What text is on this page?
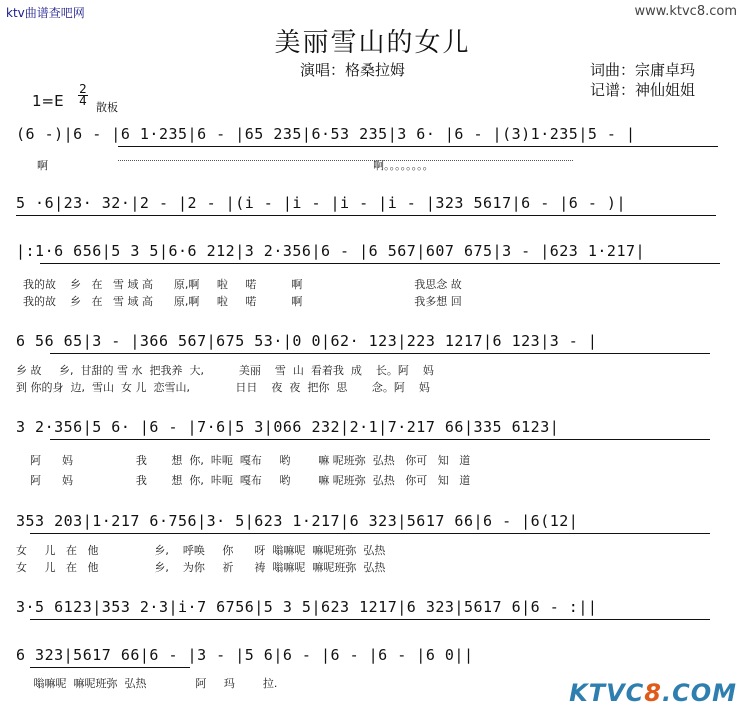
ktv曲谱查吧网	www.ktvc8.com
美丽雪山的女儿
演唱：格桑拉姆	词曲：宗庸卓玛
记谱：神仙姐姐
1=E
2
4 散板
(6 -)|6 - |6 1·235|6 - |65 235|6·53 235|3 6· |6 - |(3)1·235|5 - |
啊                                                                                             啊。。。。。。。。
5 ·6|23· 32·|2 - |2 - |(i - |i - |i - |i - |323 5617|6 - |6 - )|
|:1·6 656|5 3 5|6·6 212|3 2·356|6 - |6 567|607 675|3 - |623 1·217|
我的故    乡   在   雪 域 高      原,啊     啦     喏          啊                                我思念 故
我的故    乡   在   雪 域 高      原,啊     啦     喏          啊                                我多想 回
6 56 65|3 - |366 567|675 53·|0 0|62· 123|223 1217|6 123|3 - |
乡 故     乡,  甘甜的 雪 水  把我养  大,          美丽    雪  山  看着我  成    长。阿    妈
到 你的身  边,  雪山  女 儿  恋雪山,             日日    夜  夜  把你  思       念。阿    妈
3 2·356|5 6· |6 - |7·6|5 3|066 232|2·1|7·217 66|335 6123|
阿      妈                  我       想  你,  咔呃  嘎布     哟        嘛 呢班弥  弘热   你可   知   道
阿      妈                  我       想  你,  咔呃  嘎布     哟        嘛 呢班弥  弘热   你可   知   道
353 203|1·217 6·756|3· 5|623 1·217|6 323|5617 66|6 - |6(12|
女     儿   在   他                乡,    呼唤     你      呀  嗡嘛呢  嘛呢班弥  弘热
女     儿   在   他                乡,    为你     祈      祷  嗡嘛呢  嘛呢班弥  弘热
3·5 6123|353 2·3|i·7 6756|5 3 5|623 1217|6 323|5617 6|6 - :||
6 323|5617 66|6 - |3 - |5 6|6 - |6 - |6 - |6 0||
嗡嘛呢  嘛呢班弥  弘热              阿     玛        拉.	KTVC8.COM
